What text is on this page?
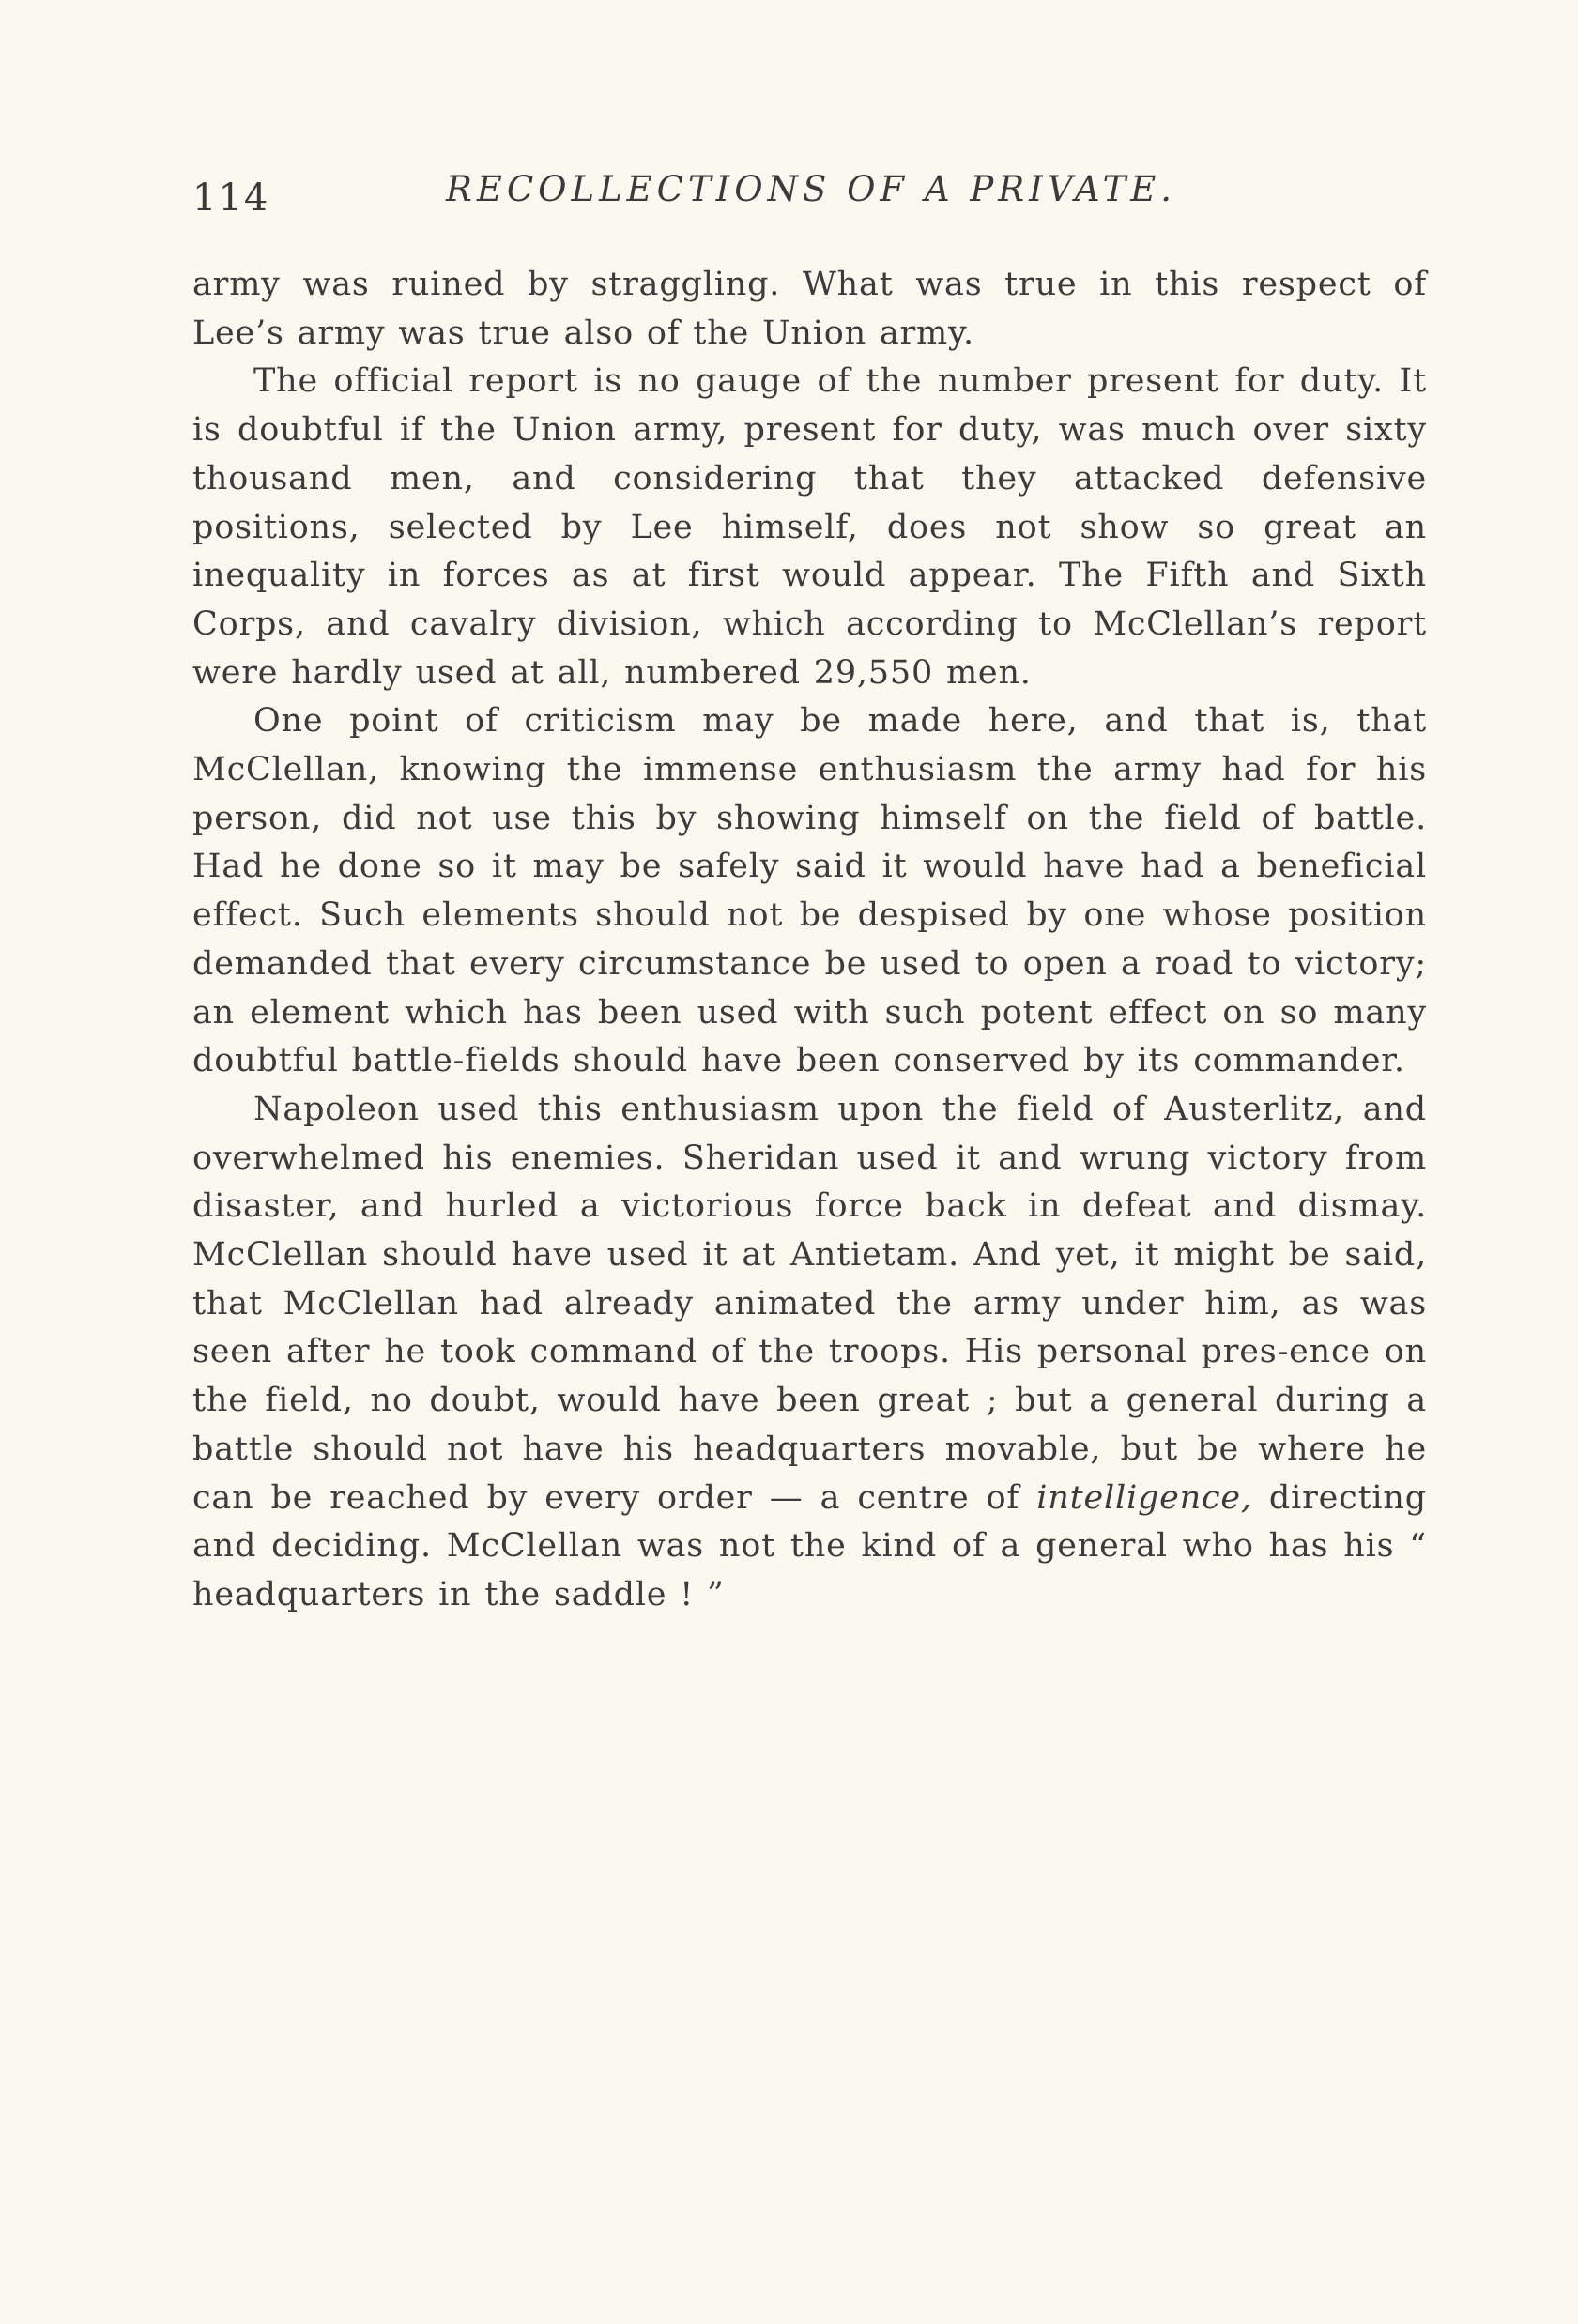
114	RECOLLECTIONS OF A PRIVATE.

army was ruined by straggling. What was true in this respect of Lee’s army was true also of the Union army.

The official report is no gauge of the number present for duty. It is doubtful if the Union army, present for duty, was much over sixty thousand men, and considering that they attacked defensive positions, selected by Lee himself, does not show so great an inequality in forces as at first would appear. The Fifth and Sixth Corps, and cavalry division, which according to McClellan’s report were hardly used at all, numbered 29,550 men.

One point of criticism may be made here, and that is, that McClellan, knowing the immense enthusiasm the army had for his person, did not use this by showing himself on the field of battle. Had he done so it may be safely said it would have had a beneficial effect. Such elements should not be despised by one whose position demanded that every circumstance be used to open a road to victory; an element which has been used with such potent effect on so many doubtful battle-fields should have been conserved by its commander.

Napoleon used this enthusiasm upon the field of Austerlitz, and overwhelmed his enemies. Sheridan used it and wrung victory from disaster, and hurled a victorious force back in defeat and dismay. McClellan should have used it at Antietam. And yet, it might be said, that McClellan had already animated the army under him, as was seen after he took command of the troops. His personal pres-ence on the field, no doubt, would have been great ; but a general during a battle should not have his headquarters movable, but be where he can be reached by every order — a centre of intelligence, directing and deciding. McClellan was not the kind of a general who has his “ headquarters in the saddle ! ”
